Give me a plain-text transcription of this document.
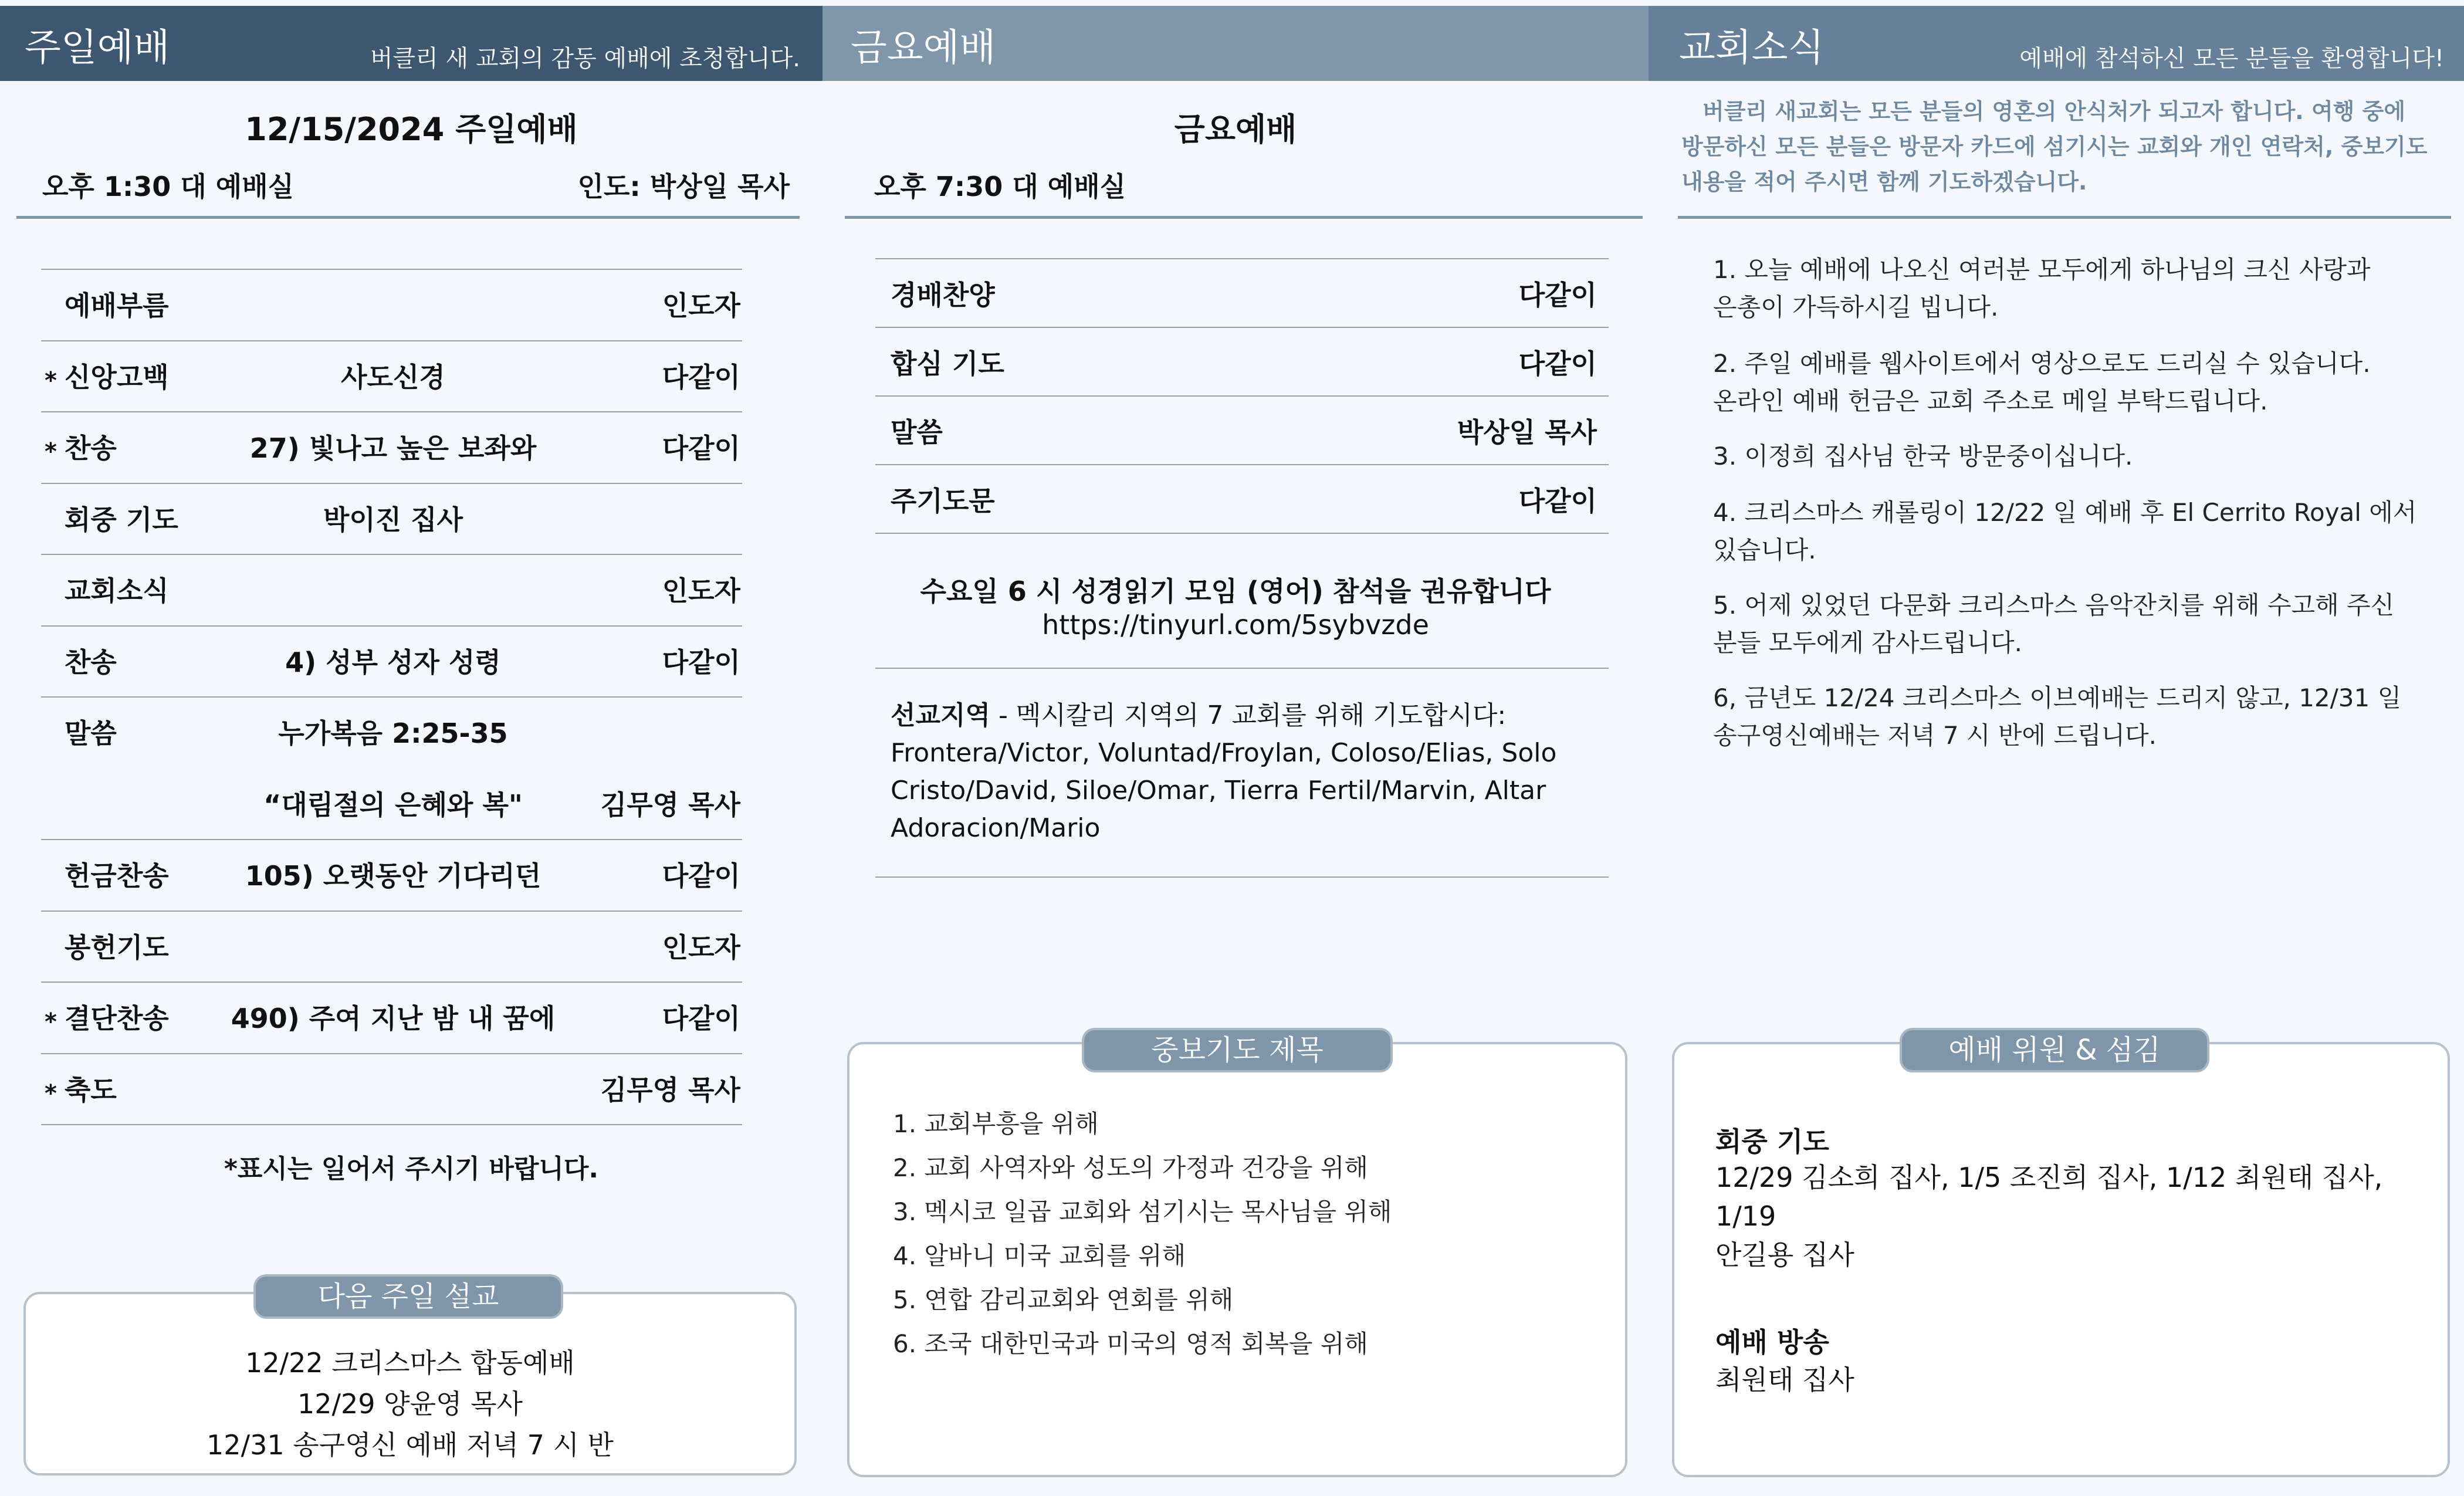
주일예배	버클리 새 교회의 감동 예배에 초청합니다.
12/15/2024 주일예배
오후 1:30 대 예배실	인도: 박상일 목사
*표시는 일어서 주시기 바랍니다.
12/22 크리스마스 합동예배
12/29 양윤영 목사
12/31 송구영신 예배 저녁 7 시 반
다음 주일 설교
예배부름	인도자
* 신앙고백	사도신경	다같이
* 찬송	27) 빛나고 높은 보좌와	다같이
회중 기도	박이진 집사
교회소식	인도자
찬송	4) 성부 성자 성령	다같이
말씀	누가복음 2:25-35
“대림절의 은혜와 복"	김무영 목사
헌금찬송	105) 오랫동안 기다리던	다같이
봉헌기도	인도자
* 결단찬송	490) 주여 지난 밤 내 꿈에	다같이
* 축도	김무영 목사
금요예배
금요예배
오후 7:30 대 예배실
수요일 6 시 성경읽기 모임 (영어) 참석을 권유합니다
https://tinyurl.com/5sybvzde
선교지역 - 멕시칼리 지역의 7 교회를 위해 기도합시다:
Frontera/Victor, Voluntad/Froylan, Coloso/Elias, Solo
Cristo/David, Siloe/Omar, Tierra Fertil/Marvin, Altar
Adoracion/Mario
1. 교회부흥을 위해
2. 교회 사역자와 성도의 가정과 건강을 위해
3. 멕시코 일곱 교회와 섬기시는 목사님을 위해
4. 알바니 미국 교회를 위해
5. 연합 감리교회와 연회를 위해
6. 조국 대한민국과 미국의 영적 회복을 위해
중보기도 제목
경배찬양	다같이
합심 기도	다같이
말씀	박상일 목사
주기도문	다같이
교회소식	예배에 참석하신 모든 분들을 환영합니다!
버클리 새교회는 모든 분들의 영혼의 안식처가 되고자 합니다. 여행 중에
방문하신 모든 분들은 방문자 카드에 섬기시는 교회와 개인 연락처, 중보기도
내용을 적어 주시면 함께 기도하겠습니다.
회중 기도
12/29 김소희 집사, 1/5 조진희 집사, 1/12 최원태 집사, 1/19
안길용 집사
예배 방송
최원태 집사
예배 위원 & 섬김
1. 오늘 예배에 나오신 여러분 모두에게 하나님의 크신 사랑과
은총이 가득하시길 빕니다.
2. 주일 예배를 웹사이트에서 영상으로도 드리실 수 있습니다.
온라인 예배 헌금은 교회 주소로 메일 부탁드립니다.
3. 이정희 집사님 한국 방문중이십니다.
4. 크리스마스 캐롤링이 12/22 일 예배 후 El Cerrito Royal 에서
있습니다.
5. 어제 있었던 다문화 크리스마스 음악잔치를 위해 수고해 주신
분들 모두에게 감사드립니다.
6, 금년도 12/24 크리스마스 이브예배는 드리지 않고, 12/31 일
송구영신예배는 저녁 7 시 반에 드립니다.
